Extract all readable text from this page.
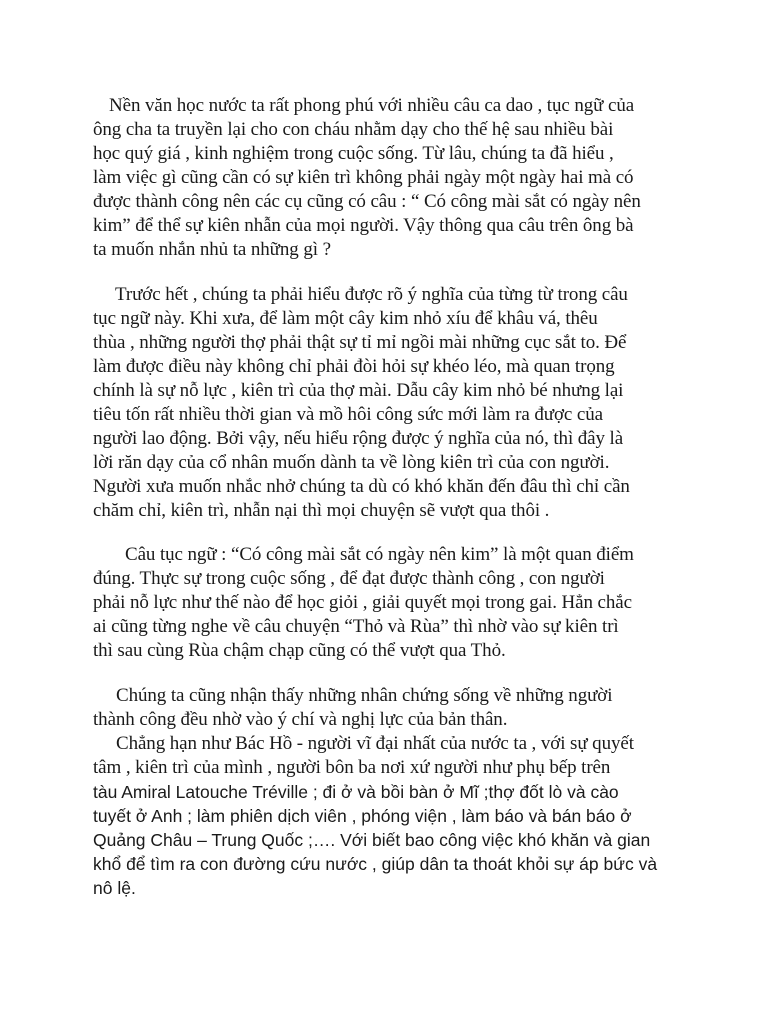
Nền văn học nước ta rất phong phú với nhiều câu ca dao , tục ngữ của
ông cha ta truyền lại cho con cháu nhằm dạy cho thế hệ sau nhiều bài
học quý giá , kinh nghiệm trong cuộc sống. Từ lâu, chúng ta đã hiểu ,
làm việc gì cũng cần có sự kiên trì không phải ngày một ngày hai mà có
được thành công nên các cụ cũng có câu : “ Có công mài sắt có ngày nên
kim” để thể sự kiên nhẫn của mọi người. Vậy thông qua câu trên ông bà
ta muốn nhắn nhủ ta những gì ?
Trước hết , chúng ta phải hiểu được rõ ý nghĩa của từng từ trong câu
tục ngữ này. Khi xưa, để làm một cây kim nhỏ xíu để khâu vá, thêu
thùa , những người thợ phải thật sự tỉ mỉ ngồi mài những cục sắt to. Để
làm được điều này không chỉ phải đòi hỏi sự khéo léo, mà quan trọng
chính là sự nỗ lực , kiên trì của thợ mài. Dẫu cây kim nhỏ bé nhưng lại
tiêu tốn rất nhiều thời gian và mồ hôi công sức mới làm ra được của
người lao động. Bởi vậy, nếu hiểu rộng được ý nghĩa của nó, thì đây là
lời răn dạy của cổ nhân muốn dành ta về lòng kiên trì của con người.
Người xưa muốn nhắc nhở chúng ta dù có khó khăn đến đâu thì chỉ cần
chăm chỉ, kiên trì, nhẫn nại thì mọi chuyện sẽ vượt qua thôi .
Câu tục ngữ : “Có công mài sắt có ngày nên kim” là một quan điểm
đúng. Thực sự trong cuộc sống , để đạt được thành công , con người
phải nỗ lực như thế nào để học giỏi , giải quyết mọi trong gai. Hẳn chắc
ai cũng từng nghe về câu chuyện “Thỏ và Rùa” thì nhờ vào sự kiên trì
thì sau cùng Rùa chậm chạp cũng có thể vượt qua Thỏ.
Chúng ta cũng nhận thấy những nhân chứng sống về những người
thành công đều nhờ vào ý chí và nghị lực của bản thân.
Chẳng hạn như Bác Hồ - người vĩ đại nhất của nước ta , với sự quyết
tâm , kiên trì của mình , người bôn ba nơi xứ người như phụ bếp trên
tàu Amiral Latouche Tréville ; đi ở và bồi bàn ở Mĩ ;thợ đốt lò và cào
tuyết ở Anh ; làm phiên dịch viên , phóng viện , làm báo và bán báo ở
Quảng Châu – Trung Quốc ;…. Với biết bao công việc khó khăn và gian
khổ để tìm ra con đường cứu nước , giúp dân ta thoát khỏi sự áp bức và
nô lệ.
